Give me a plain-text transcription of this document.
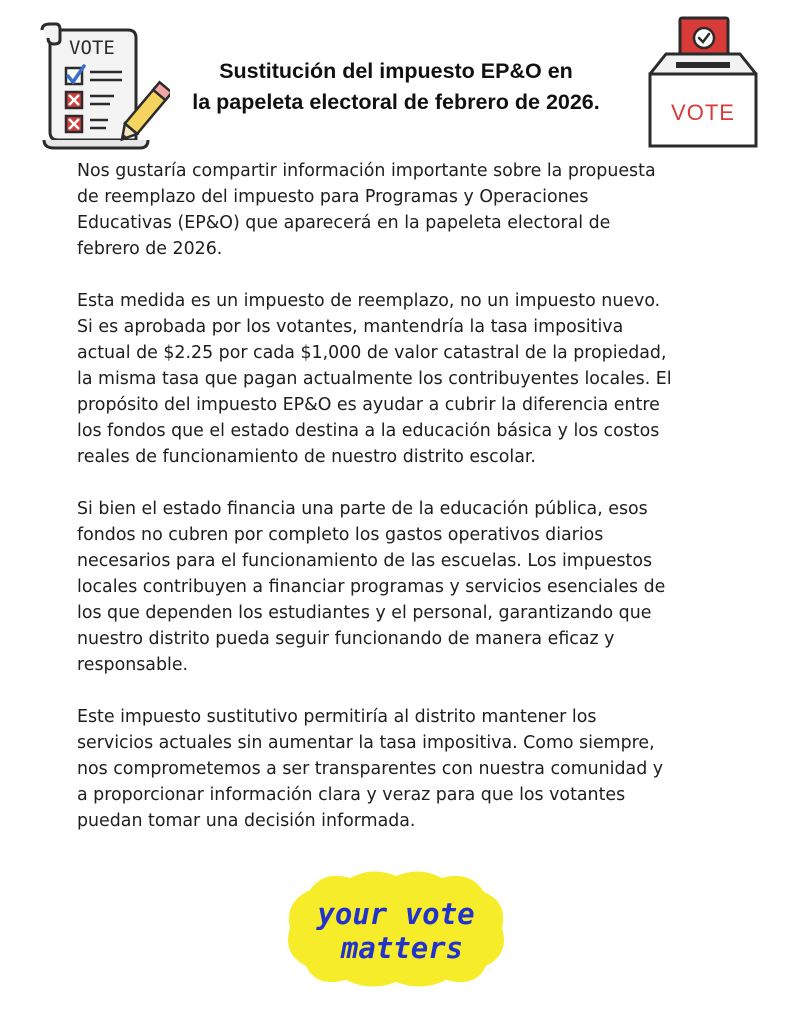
VOTE
Sustitución del impuesto EP&O en
la papeleta electoral de febrero de 2026.	VOTE

Nos gustaría compartir información importante sobre la propuesta
de reemplazo del impuesto para Programas y Operaciones
Educativas (EP&O) que aparecerá en la papeleta electoral de
febrero de 2026.

Esta medida es un impuesto de reemplazo, no un impuesto nuevo.
Si es aprobada por los votantes, mantendría la tasa impositiva
actual de $2.25 por cada $1,000 de valor catastral de la propiedad,
la misma tasa que pagan actualmente los contribuyentes locales. El
propósito del impuesto EP&O es ayudar a cubrir la diferencia entre
los fondos que el estado destina a la educación básica y los costos
reales de funcionamiento de nuestro distrito escolar.

Si bien el estado financia una parte de la educación pública, esos
fondos no cubren por completo los gastos operativos diarios
necesarios para el funcionamiento de las escuelas. Los impuestos
locales contribuyen a financiar programas y servicios esenciales de
los que dependen los estudiantes y el personal, garantizando que
nuestro distrito pueda seguir funcionando de manera eficaz y
responsable.

Este impuesto sustitutivo permitiría al distrito mantener los
servicios actuales sin aumentar la tasa impositiva. Como siempre,
nos comprometemos a ser transparentes con nuestra comunidad y
a proporcionar información clara y veraz para que los votantes
puedan tomar una decisión informada.

your vote
matters
